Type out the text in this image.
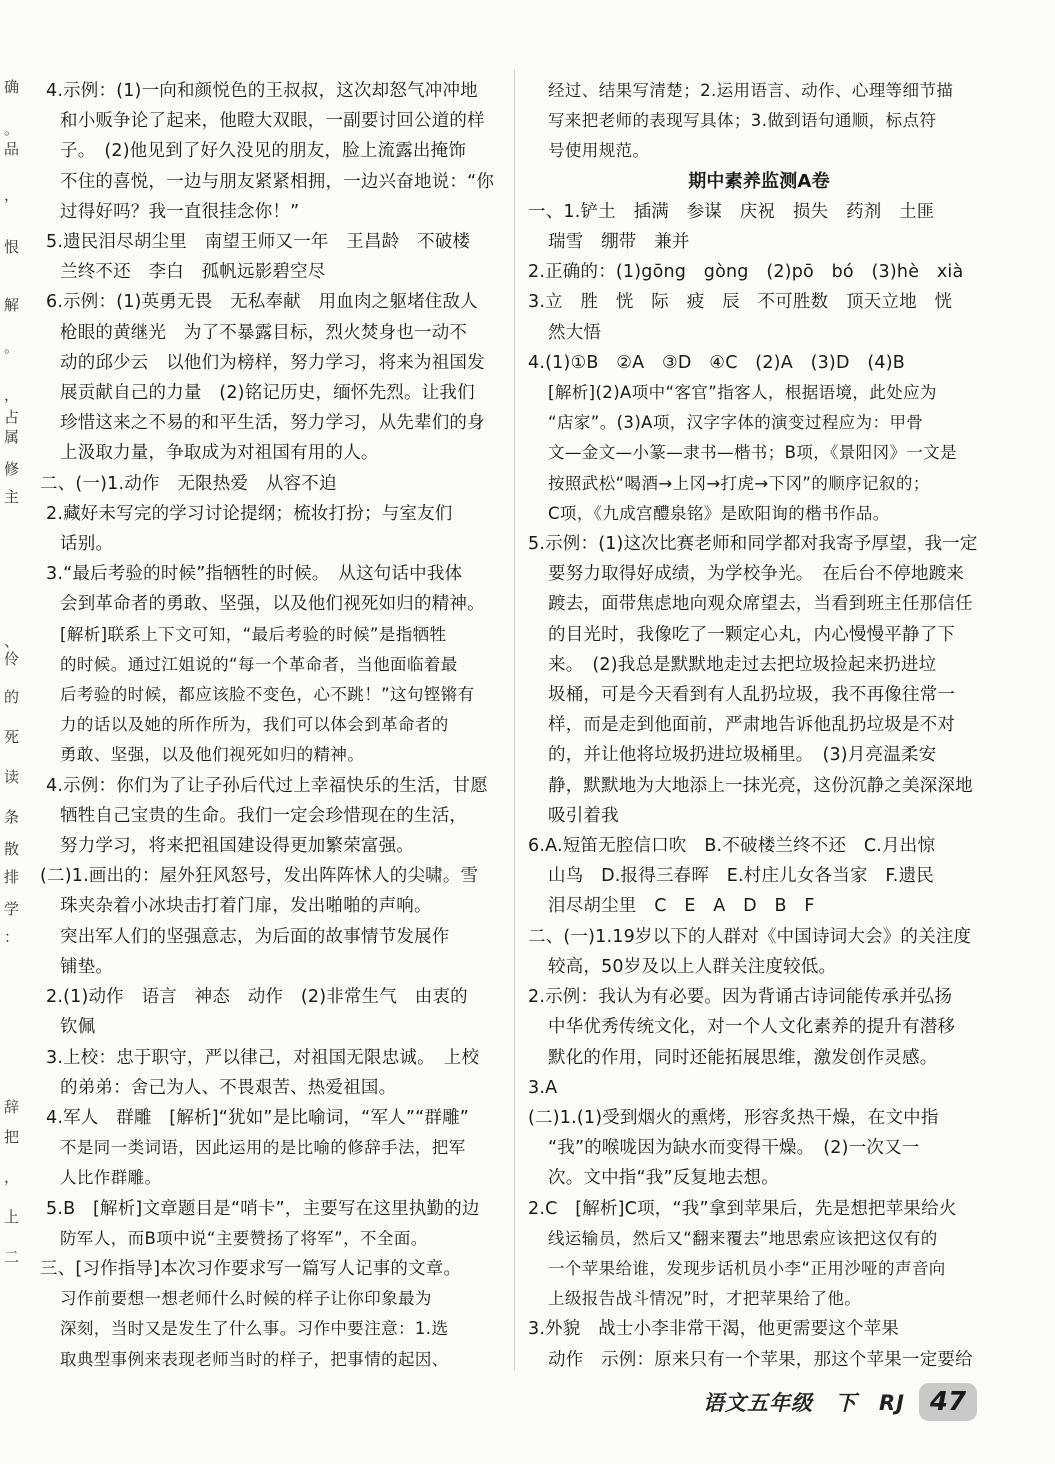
确
。
品
，
恨
解
。
，
占
属
修
主
、
伶
的
死
读
条
散
排
学
：
辞
把
，
上
二
4.示例：(1)一向和颜悦色的王叔叔，这次却怒气冲冲地
和小贩争论了起来，他瞪大双眼，一副要讨回公道的样
子。　(2)他见到了好久没见的朋友，脸上流露出掩饰
不住的喜悦，一边与朋友紧紧相拥，一边兴奋地说：“你
过得好吗？我一直很挂念你！”
5.遗民泪尽胡尘里　南望王师又一年　王昌龄　不破楼
兰终不还　李白　孤帆远影碧空尽
6.示例：(1)英勇无畏　无私奉献　用血肉之躯堵住敌人
枪眼的黄继光　为了不暴露目标，烈火焚身也一动不
动的邱少云　以他们为榜样，努力学习，将来为祖国发
展贡献自己的力量　(2)铭记历史，缅怀先烈。让我们
珍惜这来之不易的和平生活，努力学习，从先辈们的身
上汲取力量，争取成为对祖国有用的人。
二、(一)1.动作　无限热爱　从容不迫
2.藏好未写完的学习讨论提纲；梳妆打扮；与室友们
话别。
3.“最后考验的时候”指牺牲的时候。　从这句话中我体
会到革命者的勇敢、坚强，以及他们视死如归的精神。
[解析]联系上下文可知，“最后考验的时候”是指牺牲
的时候。通过江姐说的“每一个革命者，当他面临着最
后考验的时候，都应该脸不变色，心不跳！”这句铿锵有
力的话以及她的所作所为，我们可以体会到革命者的
勇敢、坚强，以及他们视死如归的精神。
4.示例：你们为了让子孙后代过上幸福快乐的生活，甘愿
牺牲自己宝贵的生命。我们一定会珍惜现在的生活，
努力学习，将来把祖国建设得更加繁荣富强。
(二)1.画出的：屋外狂风怒号，发出阵阵怵人的尖啸。雪
珠夹杂着小冰块击打着门扉，发出啪啪的声响。
突出军人们的坚强意志，为后面的故事情节发展作
铺垫。
2.(1)动作　语言　神态　动作　(2)非常生气　由衷的
钦佩
3.上校：忠于职守，严以律己，对祖国无限忠诚。　上校
的弟弟：舍己为人、不畏艰苦、热爱祖国。
4.军人　群雕　[解析]“犹如”是比喻词，“军人”“群雕”
不是同一类词语，因此运用的是比喻的修辞手法，把军
人比作群雕。
5.B　[解析]文章题目是“哨卡”，主要写在这里执勤的边
防军人，而B项中说“主要赞扬了将军”，不全面。
三、[习作指导]本次习作要求写一篇写人记事的文章。
习作前要想一想老师什么时候的样子让你印象最为
深刻，当时又是发生了什么事。习作中要注意：1.选
取典型事例来表现老师当时的样子，把事情的起因、
经过、结果写清楚；2.运用语言、动作、心理等细节描
写来把老师的表现写具体；3.做到语句通顺，标点符
号使用规范。
期中素养监测A卷
一、1.铲土　插满　参谋　庆祝　损失　药剂　土匪
瑞雪　绷带　兼并
2.正确的：(1)gōng　gòng　(2)pō　bó　(3)hè　xià
3.立　胜　恍　际　疲　辰　不可胜数　顶天立地　恍
然大悟
4.(1)①B　②A　③D　④C　(2)A　(3)D　(4)B
[解析](2)A项中“客官”指客人，根据语境，此处应为
“店家”。(3)A项，汉字字体的演变过程应为：甲骨
文—金文—小篆—隶书—楷书；B项，《景阳冈》一文是
按照武松“喝酒→上冈→打虎→下冈”的顺序记叙的；
C项，《九成宫醴泉铭》是欧阳询的楷书作品。
5.示例：(1)这次比赛老师和同学都对我寄予厚望，我一定
要努力取得好成绩，为学校争光。　在后台不停地踱来
踱去，面带焦虑地向观众席望去，当看到班主任那信任
的目光时，我像吃了一颗定心丸，内心慢慢平静了下
来。　(2)我总是默默地走过去把垃圾捡起来扔进垃
圾桶，可是今天看到有人乱扔垃圾，我不再像往常一
样，而是走到他面前，严肃地告诉他乱扔垃圾是不对
的，并让他将垃圾扔进垃圾桶里。　(3)月亮温柔安
静，默默地为大地添上一抹光亮，这份沉静之美深深地
吸引着我
6.A.短笛无腔信口吹　B.不破楼兰终不还　C.月出惊
山鸟　D.报得三春晖　E.村庄儿女各当家　F.遗民
泪尽胡尘里　C　E　A　D　B　F
二、(一)1.19岁以下的人群对《中国诗词大会》的关注度
较高，50岁及以上人群关注度较低。
2.示例：我认为有必要。因为背诵古诗词能传承并弘扬
中华优秀传统文化，对一个人文化素养的提升有潜移
默化的作用，同时还能拓展思维，激发创作灵感。
3.A
(二)1.(1)受到烟火的熏烤，形容炙热干燥，在文中指
“我”的喉咙因为缺水而变得干燥。　(2)一次又一
次。文中指“我”反复地去想。
2.C　[解析]C项，“我”拿到苹果后，先是想把苹果给火
线运输员，然后又“翻来覆去”地思索应该把这仅有的
一个苹果给谁，发现步话机员小李“正用沙哑的声音向
上级报告战斗情况”时，才把苹果给了他。
3.外貌　战士小李非常干渴，他更需要这个苹果
动作　示例：原来只有一个苹果，那这个苹果一定要给
语文五年级　下　RJ 47
